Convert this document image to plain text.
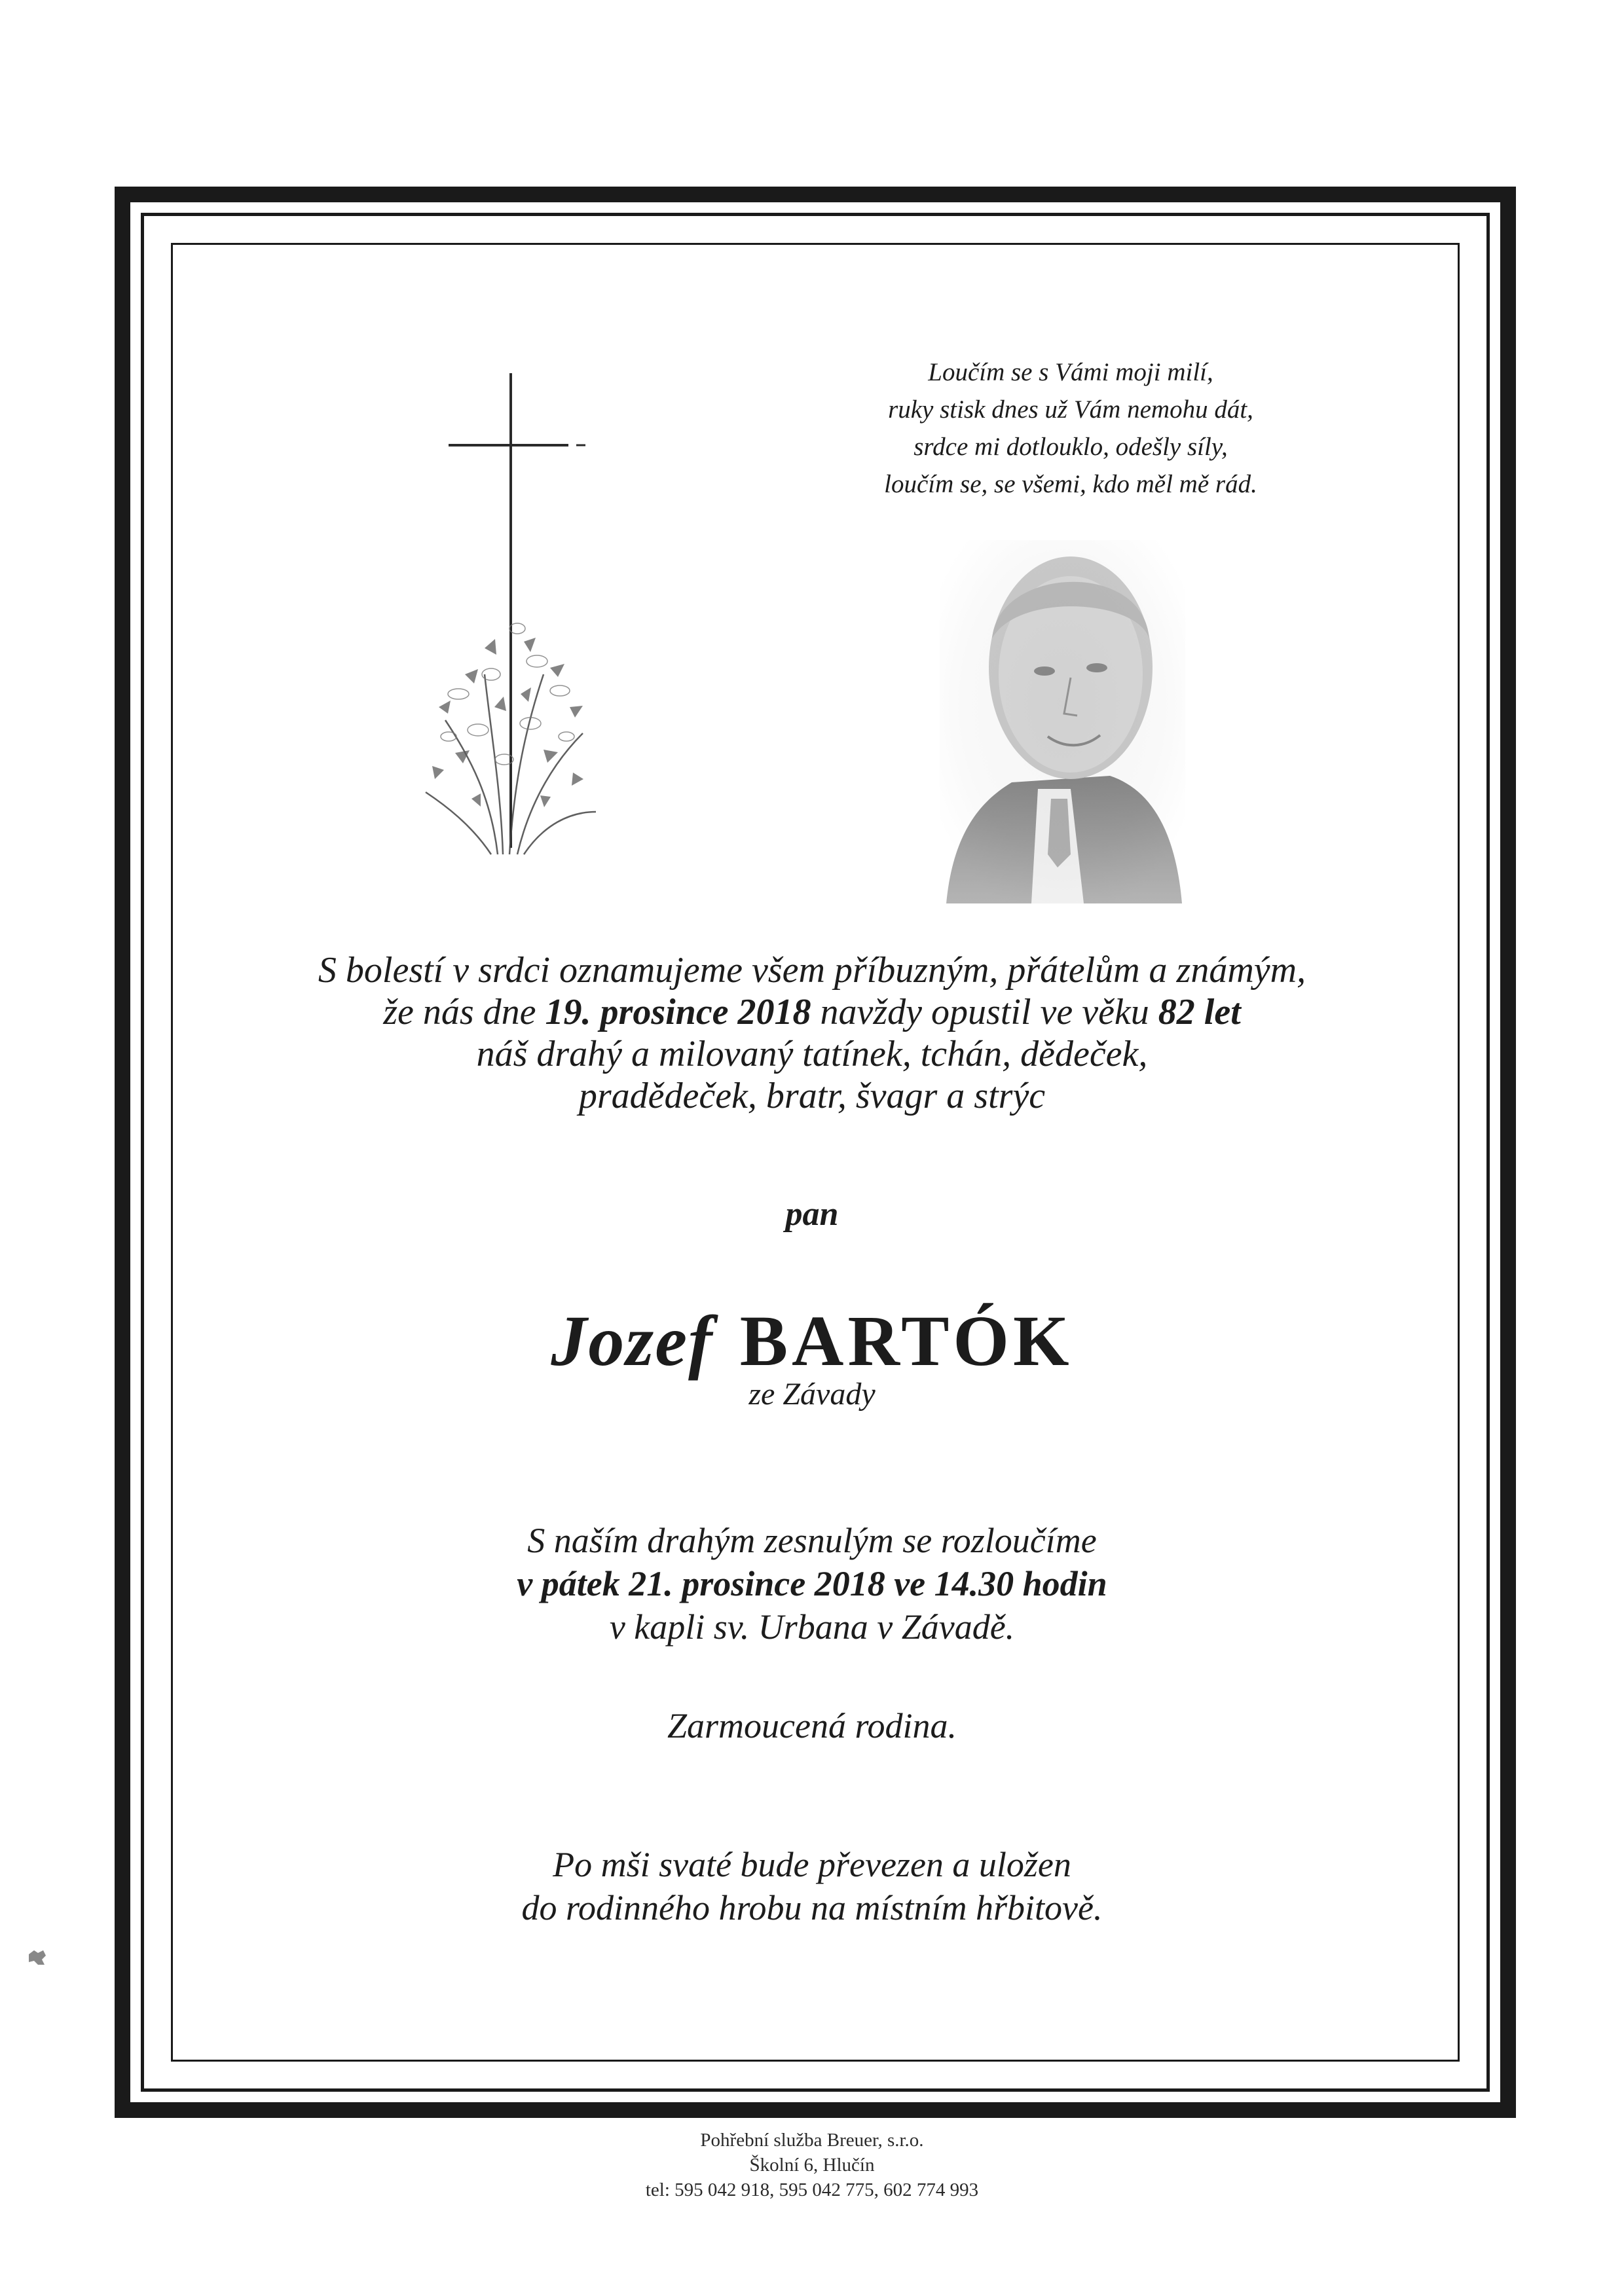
Loučím se s Vámi moji milí,
ruky stisk dnes už Vám nemohu dát,
srdce mi dotlouklo, odešly síly,
loučím se, se všemi, kdo měl mě rád.
S bolestí v srdci oznamujeme všem příbuzným, přátelům a známým,
že nás dne 19. prosince 2018 navždy opustil ve věku 82 let
náš drahý a milovaný tatínek, tchán, dědeček,
pradědeček, bratr, švagr a strýc
pan
Jozef BARTÓK
ze Závady
S naším drahým zesnulým se rozloučíme
v pátek 21. prosince 2018 ve 14.30 hodin
v kapli sv. Urbana v Závadě.
Zarmoucená rodina.
Po mši svaté bude převezen a uložen
do rodinného hrobu na místním hřbitově.
Pohřební služba Breuer, s.r.o.
Školní 6, Hlučín
tel: 595 042 918, 595 042 775, 602 774 993
